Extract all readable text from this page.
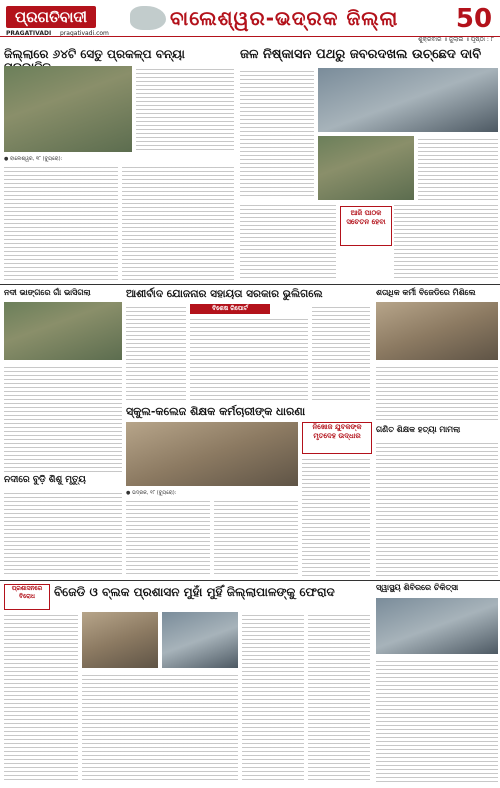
ପ୍ରଗତିବାଦୀ
PRAGATIVADI pragativadi.com
ବାଲେଶ୍ୱର-ଭଦ୍ରକ ଜିଲ୍ଲା 50
ଶୁକ୍ରବାର ॥ ଜୁଲାଇ ॥ ପୃଷ୍ଠା : ୮
ଜିଲ୍ଲାରେ ୬୪ଟି ସେତୁ ପ୍ରକଳ୍ପ ବନ୍ୟା
● ବାଲେଶ୍ୱର, ୧୮ (ବ୍ୟୁରୋ):
ଜଳ ନିଷ୍କାସନ ପଥରୁ ଜବରଦଖଲ ଉଚ୍ଛେଦ ଦାବି
ଆଜି ପାଠକ ସଚେତନ ହେବା
ନଦୀ ଭାଙ୍ଗରେ ଗାଁ ଭାସିଗଲା
ନଦୀରେ ବୁଡ଼ି ଶିଶୁ ମୃତ୍ୟୁ
ଆଶୀର୍ବାଦ ଯୋଜନାର ସହାୟତା ସରକାର ଭୁଲିଗଲେ
ବିଶେଷ ରିପୋର୍ଟ
ସ୍କୁଲ-କଲେଜ ଶିକ୍ଷକ କର୍ମଚାରୀଙ୍କ ଧାରଣା
ନିଖୋଜ ଯୁବକଙ୍କ ମୃତଦେହ ଉଦ୍ଧାର
● ଭଦ୍ରକ, ୧୮ (ବ୍ୟୁରୋ):
ଶତାଧିକ କର୍ମୀ ବିଜେଡିରେ ମିଶିଲେ
ଗଣିତ ଶିକ୍ଷକ ହତ୍ୟା ମାମଲା
ପ୍ରଶାସନରେ ବିରୋଧ	ବିଜେଡି ଓ ବ୍ଲକ ପ୍ରଶାସନ ମୁହାଁ ମୁହିଁ ଜିଲ୍ଲାପାଳଙ୍କୁ ଫେରାଦ	ସ୍ୱାସ୍ଥ୍ୟ ଶିବିରରେ ଚିକିତ୍ସା
